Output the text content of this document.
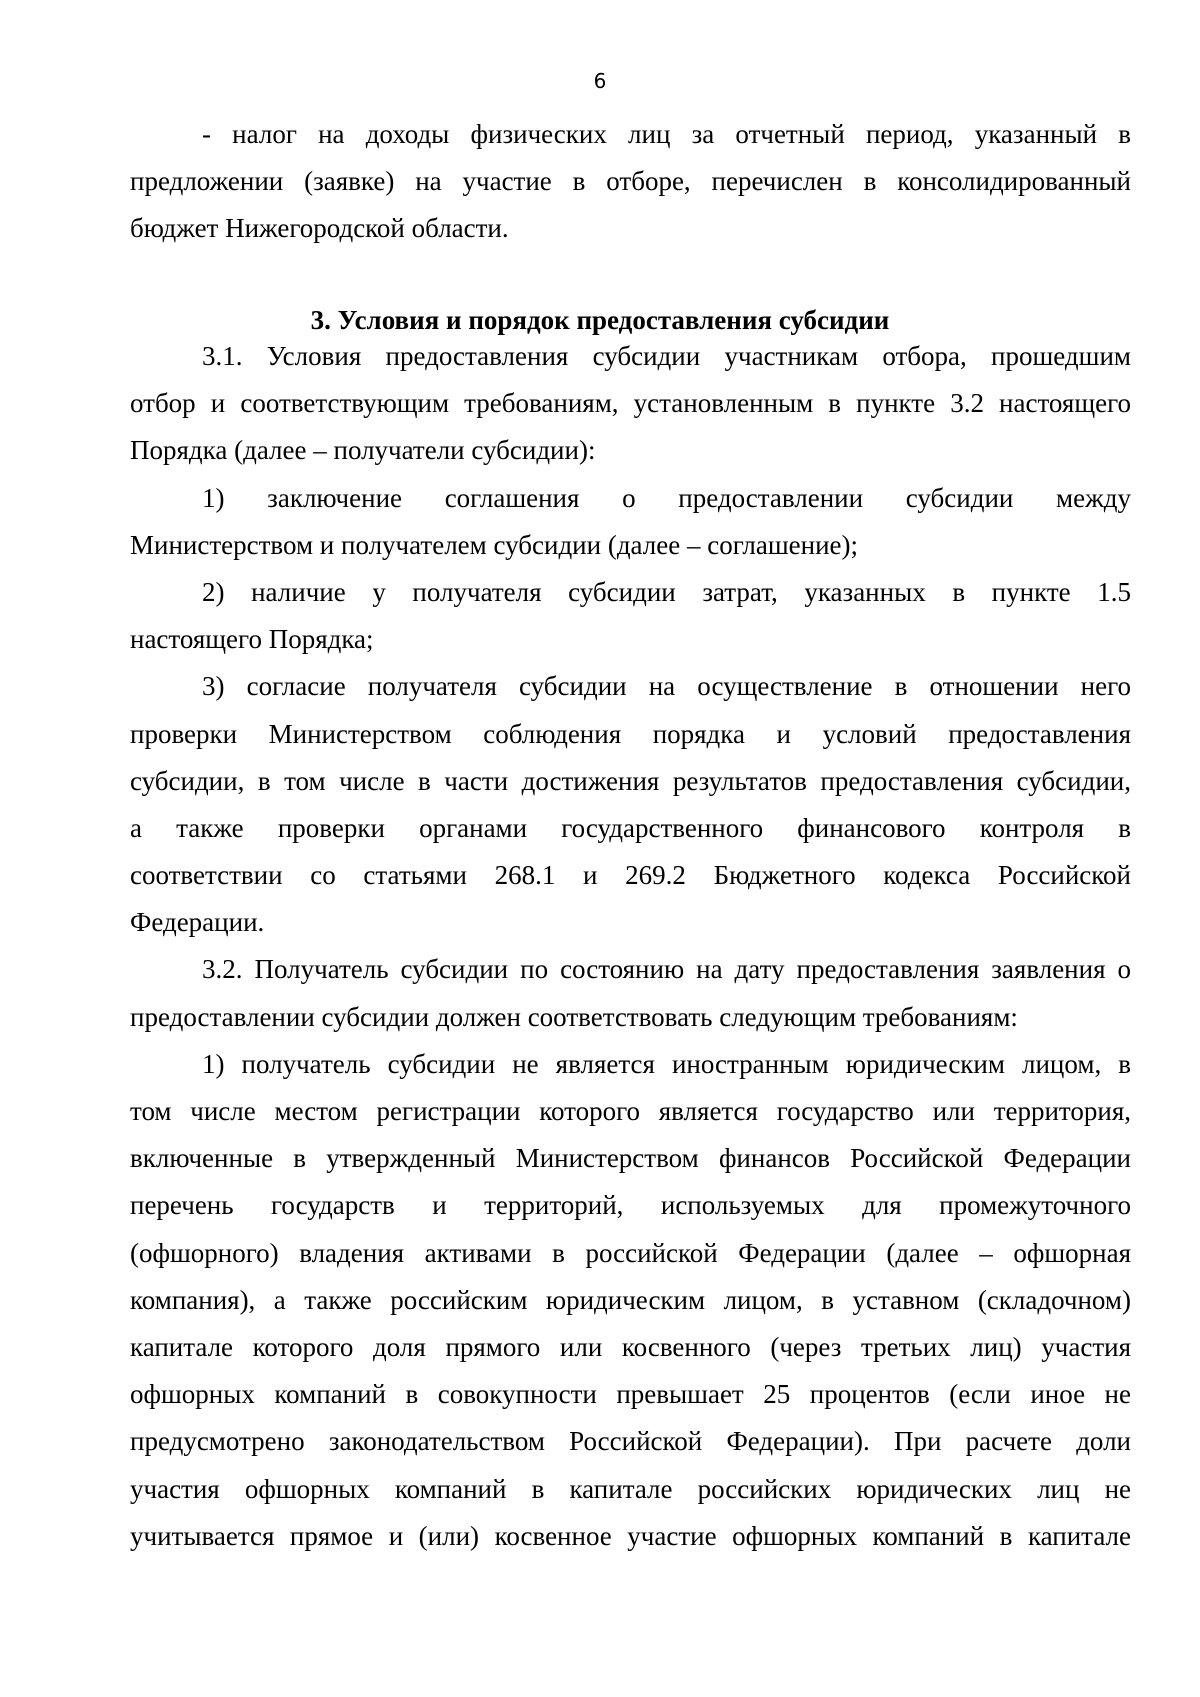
6
- налог на доходы физических лиц за отчетный период, указанный в
предложении (заявке) на участие в отборе, перечислен в консолидированный
бюджет Нижегородской области.
3. Условия и порядок предоставления субсидии
3.1. Условия предоставления субсидии участникам отбора, прошедшим
отбор и соответствующим требованиям, установленным в пункте 3.2 настоящего
Порядка (далее – получатели субсидии):
1) заключение соглашения о предоставлении субсидии между
Министерством и получателем субсидии (далее – соглашение);
2) наличие у получателя субсидии затрат, указанных в пункте 1.5
настоящего Порядка;
3) согласие получателя субсидии на осуществление в отношении него
проверки Министерством соблюдения порядка и условий предоставления
субсидии, в том числе в части достижения результатов предоставления субсидии,
а также проверки органами государственного финансового контроля в
соответствии со статьями 268.1 и 269.2 Бюджетного кодекса Российской
Федерации.
3.2. Получатель субсидии по состоянию на дату предоставления заявления о
предоставлении субсидии должен соответствовать следующим требованиям:
1) получатель субсидии не является иностранным юридическим лицом, в
том числе местом регистрации которого является государство или территория,
включенные в утвержденный Министерством финансов Российской Федерации
перечень государств и территорий, используемых для промежуточного
(офшорного) владения активами в российской Федерации (далее – офшорная
компания), а также российским юридическим лицом, в уставном (складочном)
капитале которого доля прямого или косвенного (через третьих лиц) участия
офшорных компаний в совокупности превышает 25 процентов (если иное не
предусмотрено законодательством Российской Федерации). При расчете доли
участия офшорных компаний в капитале российских юридических лиц не
учитывается прямое и (или) косвенное участие офшорных компаний в капитале
